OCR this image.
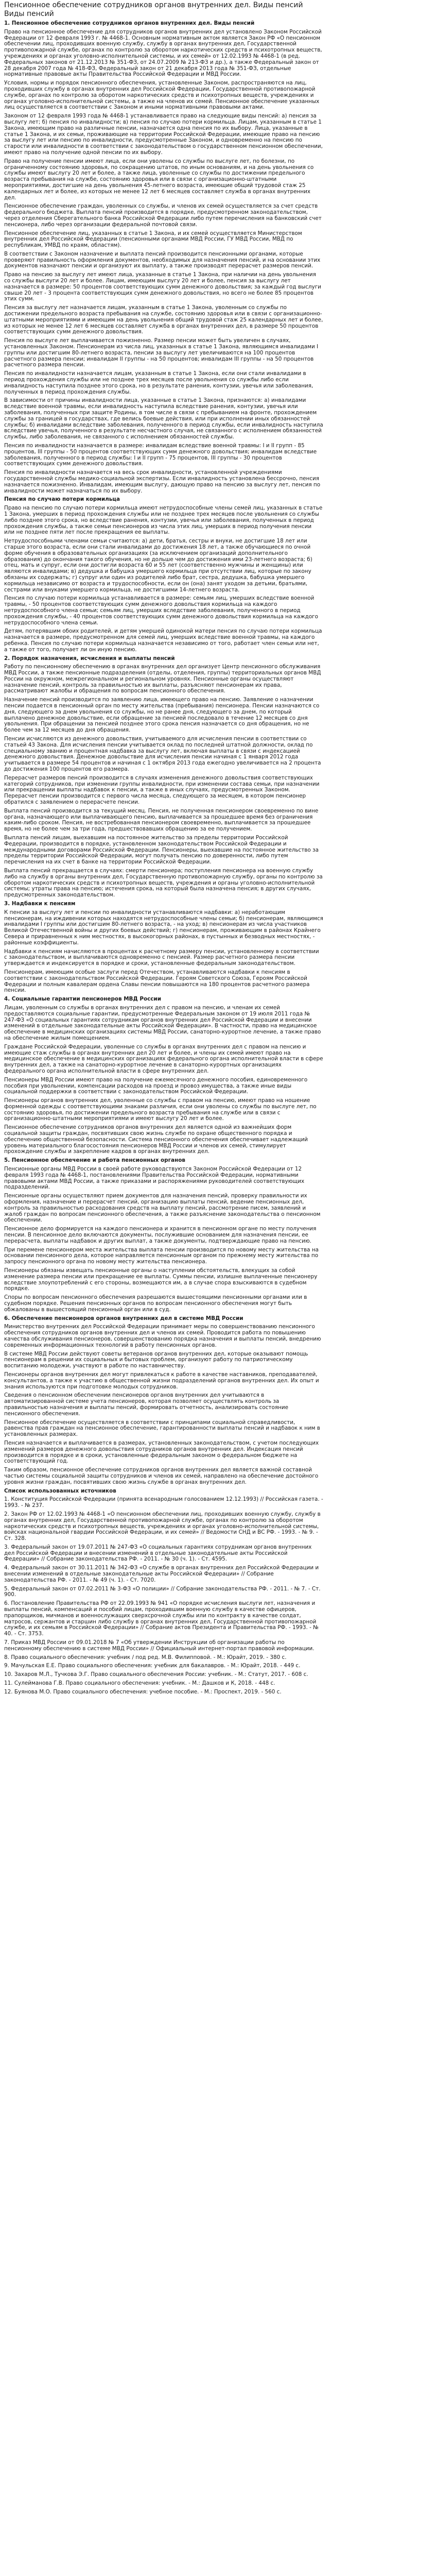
Пенсионное обеспечение сотрудников органов внутренних дел. Виды пенсий
Виды пенсий

1. Пенсионное обеспечение сотрудников органов внутренних дел. Виды пенсий

Право на пенсионное обеспечение для сотрудников органов внутренних дел установлено Законом Российской Федерации от 12 февраля 1993 г. № 4468-1. Основным нормативным актом является Закон РФ «О пенсионном обеспечении лиц, проходивших военную службу, службу в органах внутренних дел, Государственной противопожарной службе, органах по контролю за оборотом наркотических средств и психотропных веществ, учреждениях и органах уголовно-исполнительной системы, и их семей» от 12.02.1993 № 4468-1 (в ред. Федеральных законов от 21.12.2013 № 351-ФЗ, от 24.07.2009 № 213-ФЗ и др.), а также Федеральный закон от 28 декабря 2007 года № 418-ФЗ, Федеральный закон от 21 декабря 2013 года № 351-ФЗ, отдельные нормативные правовые акты Правительства Российской Федерации и МВД России.

Условия, нормы и порядок пенсионного обеспечения, установленные Законом, распространяются на лиц, проходивших службу в органах внутренних дел Российской Федерации, Государственной противопожарной службе, органах по контролю за оборотом наркотических средств и психотропных веществ, учреждениях и органах уголовно-исполнительной системы, а также на членов их семей. Пенсионное обеспечение указанных лиц осуществляется в соответствии с Законом и иными нормативными правовыми актами.

Законом от 12 февраля 1993 года № 4468-1 устанавливается право на следующие виды пенсий: а) пенсия за выслугу лет; б) пенсия по инвалидности; в) пенсия по случаю потери кормильца. Лицам, указанным в статье 1 Закона, имеющим право на различные пенсии, назначается одна пенсия по их выбору. Лица, указанные в статье 1 Закона, и их семьи, проживающие на территории Российской Федерации, имеющие право на пенсию за выслугу лет или пенсию по инвалидности, предусмотренные Законом, и одновременно на пенсию по старости или инвалидности в соответствии с законодательством о государственном пенсионном обеспечении, имеют право на получение одной пенсии по их выбору.

Право на получение пенсии имеют лица, если они уволены со службы по выслуге лет, по болезни, по ограниченному состоянию здоровья, по сокращению штатов, по иным основаниям, и на день увольнения со службы имеют выслугу 20 лет и более, а также лица, уволенные со службы по достижении предельного возраста пребывания на службе, состоянию здоровья или в связи с организационно-штатными мероприятиями, достигшие на день увольнения 45-летнего возраста, имеющие общий трудовой стаж 25 календарных лет и более, из которых не менее 12 лет 6 месяцев составляет служба в органах внутренних дел.

Пенсионное обеспечение граждан, уволенных со службы, и членов их семей осуществляется за счет средств федерального бюджета. Выплата пенсий производится в порядке, предусмотренном законодательством, через отделения Сберегательного банка Российской Федерации либо путем перечисления на банковский счет пенсионера, либо через организации федеральной почтовой связи.

Пенсионное обеспечение лиц, указанных в статье 1 Закона, и их семей осуществляется Министерством внутренних дел Российской Федерации (пенсионными органами МВД России, ГУ МВД России, МВД по республикам, УМВД по краям, областям).

В соответствии с Законом назначение и выплата пенсий производится пенсионными органами, которые проверяют правильность оформления документов, необходимых для назначения пенсий, и на основании этих документов назначают пенсии и организуют их выплату, а также производят перерасчет размеров пенсий.

Право на пенсию за выслугу лет имеют лица, указанные в статье 1 Закона, при наличии на день увольнения со службы выслуги 20 лет и более. Лицам, имеющим выслугу 20 лет и более, пенсия за выслугу лет назначается в размере: 50 процентов соответствующих сумм денежного довольствия; за каждый год выслуги свыше 20 лет - 3 процента соответствующих сумм денежного довольствия, но всего не более 85 процентов этих сумм.

Пенсия за выслугу лет назначается лицам, указанным в статье 1 Закона, уволенным со службы по достижении предельного возраста пребывания на службе, состоянию здоровья или в связи с организационно-штатными мероприятиями и имеющим на день увольнения общий трудовой стаж 25 календарных лет и более, из которых не менее 12 лет 6 месяцев составляет служба в органах внутренних дел, в размере 50 процентов соответствующих сумм денежного довольствия.

Пенсия по выслуге лет выплачивается пожизненно. Размер пенсии может быть увеличен в случаях, установленных Законом. Пенсионерам из числа лиц, указанных в статье 1 Закона, являющимся инвалидами I группы или достигшим 80-летнего возраста, пенсии за выслугу лет увеличиваются на 100 процентов расчетного размера пенсии; инвалидам II группы - на 50 процентов; инвалидам III группы - на 50 процентов расчетного размера пенсии.

Пенсия по инвалидности назначается лицам, указанным в статье 1 Закона, если они стали инвалидами в период прохождения службы или не позднее трех месяцев после увольнения со службы либо если инвалидность наступила позднее этого срока, но в результате ранения, контузии, увечья или заболевания, полученных в период прохождения службы.

В зависимости от причины инвалидности лица, указанные в статье 1 Закона, признаются: а) инвалидами вследствие военной травмы, если инвалидность наступила вследствие ранения, контузии, увечья или заболевания, полученных при защите Родины, в том числе в связи с пребыванием на фронте, прохождением службы за границей в государствах, где велись боевые действия, или при исполнении иных обязанностей службы; б) инвалидами вследствие заболевания, полученного в период службы, если инвалидность наступила вследствие увечья, полученного в результате несчастного случая, не связанного с исполнением обязанностей службы, либо заболевания, не связанного с исполнением обязанностей службы.

Пенсия по инвалидности назначается в размере: инвалидам вследствие военной травмы: I и II групп - 85 процентов, III группы - 50 процентов соответствующих сумм денежного довольствия; инвалидам вследствие заболевания, полученного в период службы: I и II групп - 75 процентов, III группы - 30 процентов соответствующих сумм денежного довольствия.

Пенсия по инвалидности назначается на весь срок инвалидности, установленной учреждениями государственной службы медико-социальной экспертизы. Если инвалидность установлена бессрочно, пенсия назначается пожизненно. Инвалидам, имеющим выслугу, дающую право на пенсию за выслугу лет, пенсия по инвалидности может назначаться по их выбору.

Пенсия по случаю потери кормильца

Право на пенсию по случаю потери кормильца имеют нетрудоспособные члены семей лиц, указанных в статье 1 Закона, умерших в период прохождения службы или не позднее трех месяцев после увольнения со службы либо позднее этого срока, но вследствие ранения, контузии, увечья или заболевания, полученных в период прохождения службы, а также семьи пенсионеров из числа этих лиц, умерших в период получения пенсии или не позднее пяти лет после прекращения ее выплаты.

Нетрудоспособными членами семьи считаются: а) дети, братья, сестры и внуки, не достигшие 18 лет или старше этого возраста, если они стали инвалидами до достижения 18 лет, а также обучающиеся по очной форме обучения в образовательных организациях (за исключением организаций дополнительного образования) до окончания такого обучения, но не дольше чем до достижения ими 23-летнего возраста; б) отец, мать и супруг, если они достигли возраста 60 и 55 лет (соответственно мужчины и женщины) или являются инвалидами; в) дедушка и бабушка умершего кормильца при отсутствии лиц, которые по закону обязаны их содержать; г) супруг или один из родителей либо брат, сестра, дедушка, бабушка умершего кормильца независимо от возраста и трудоспособности, если он (она) занят уходом за детьми, братьями, сестрами или внуками умершего кормильца, не достигшими 14-летнего возраста.

Пенсия по случаю потери кормильца устанавливается в размере: семьям лиц, умерших вследствие военной травмы, - 50 процентов соответствующих сумм денежного довольствия кормильца на каждого нетрудоспособного члена семьи; семьям лиц, умерших вследствие заболевания, полученного в период прохождения службы, - 40 процентов соответствующих сумм денежного довольствия кормильца на каждого нетрудоспособного члена семьи.

Детям, потерявшим обоих родителей, и детям умершей одинокой матери пенсия по случаю потери кормильца назначается в размере, предусмотренном для семей лиц, умерших вследствие военной травмы, на каждого ребенка. Пенсия по случаю потери кормильца назначается независимо от того, работает член семьи или нет, а также от того, получает ли он иную пенсию.

2. Порядок назначения, исчисления и выплаты пенсий

Работу по пенсионному обеспечению в органах внутренних дел организует Центр пенсионного обслуживания МВД России, а также пенсионные подразделения (отделы, отделения, группы) территориальных органов МВД России на окружном, межрегиональном и региональном уровнях. Пенсионные органы осуществляют назначение пенсий, контроль за правильностью их выплаты, разъясняют пенсионерам их права, рассматривают жалобы и обращения по вопросам пенсионного обеспечения.

Назначение пенсий производится по заявлению лица, имеющего право на пенсию. Заявление о назначении пенсии подается в пенсионный орган по месту жительства (пребывания) пенсионера. Пенсии назначаются со дня, следующего за днем увольнения со службы, но не ранее дня, следующего за днем, по который выплачено денежное довольствие, если обращение за пенсией последовало в течение 12 месяцев со дня увольнения. При обращении за пенсией позднее этого срока пенсия назначается со дня обращения, но не более чем за 12 месяцев до дня обращения.

Пенсии исчисляются из денежного довольствия, учитываемого для исчисления пенсии в соответствии со статьей 43 Закона. Для исчисления пенсии учитывается оклад по последней штатной должности, оклад по специальному званию и процентная надбавка за выслугу лет, включая выплаты в связи с индексацией денежного довольствия. Денежное довольствие для исчисления пенсии начиная с 1 января 2012 года учитывается в размере 54 процентов и начиная с 1 октября 2013 года ежегодно увеличивается на 2 процента до достижения 100 процентов его размера.

Перерасчет размеров пенсий производится в случаях изменения денежного довольствия соответствующих категорий сотрудников, при изменении группы инвалидности, при изменении состава семьи, при назначении или прекращении выплаты надбавок к пенсии, а также в иных случаях, предусмотренных Законом. Перерасчет пенсии производится с первого числа месяца, следующего за месяцем, в котором пенсионер обратился с заявлением о перерасчете пенсии.

Выплата пенсий производится за текущий месяц. Пенсия, не полученная пенсионером своевременно по вине органа, назначающего или выплачивающего пенсию, выплачивается за прошедшее время без ограничения каким-либо сроком. Пенсия, не востребованная пенсионером своевременно, выплачивается за прошедшее время, но не более чем за три года, предшествовавших обращению за ее получением.

Выплата пенсий лицам, выехавшим на постоянное жительство за пределы территории Российской Федерации, производится в порядке, установленном законодательством Российской Федерации и международными договорами Российской Федерации. Пенсионеры, выехавшие на постоянное жительство за пределы территории Российской Федерации, могут получать пенсию по доверенности, либо путем перечисления на их счет в банке на территории Российской Федерации.

Выплата пенсий прекращается в случаях: смерти пенсионера; поступления пенсионера на военную службу либо на службу в органы внутренних дел, Государственную противопожарную службу, органы по контролю за оборотом наркотических средств и психотропных веществ, учреждения и органы уголовно-исполнительной системы; утраты права на пенсию; истечения срока, на который была назначена пенсия; в других случаях, предусмотренных законодательством.

3. Надбавки к пенсиям

К пенсии за выслугу лет и пенсии по инвалидности устанавливаются надбавки: а) неработающим пенсионерам, на иждивении которых находятся нетрудоспособные члены семьи; б) пенсионерам, являющимся инвалидами I группы или достигшим 80-летнего возраста, - на уход; в) пенсионерам из числа участников Великой Отечественной войны и других боевых действий; г) пенсионерам, проживающим в районах Крайнего Севера и приравненных к ним местностях, в высокогорных районах, в пустынных и безводных местностях, - районные коэффициенты.

Надбавки к пенсиям начисляются в процентах к расчетному размеру пенсии, установленному в соответствии с законодательством, и выплачиваются одновременно с пенсией. Размер расчетного размера пенсии утверждается и индексируется в порядке и сроки, установленные федеральным законодательством.

Пенсионерам, имеющим особые заслуги перед Отечеством, устанавливаются надбавки к пенсиям в соответствии с законодательством Российской Федерации. Героям Советского Союза, Героям Российской Федерации и полным кавалерам ордена Славы пенсии повышаются на 180 процентов расчетного размера пенсии.

4. Социальные гарантии пенсионеров МВД России

Лицам, уволенным со службы в органах внутренних дел с правом на пенсию, и членам их семей предоставляются социальные гарантии, предусмотренные Федеральным законом от 19 июля 2011 года № 247-ФЗ «О социальных гарантиях сотрудникам органов внутренних дел Российской Федерации и внесении изменений в отдельные законодательные акты Российской Федерации». В частности, право на медицинское обеспечение в медицинских организациях системы МВД России, санаторно-курортное лечение, а также право на обеспечение жилым помещением.

Граждане Российской Федерации, уволенные со службы в органах внутренних дел с правом на пенсию и имеющие стаж службы в органах внутренних дел 20 лет и более, и члены их семей имеют право на медицинское обеспечение в медицинских организациях федерального органа исполнительной власти в сфере внутренних дел, а также на санаторно-курортное лечение в санаторно-курортных организациях федерального органа исполнительной власти в сфере внутренних дел.

Пенсионеры МВД России имеют право на получение ежемесячного денежного пособия, единовременного пособия при увольнении, компенсации расходов на проезд и провоз имущества, а также иные виды социальной поддержки в соответствии с законодательством Российской Федерации.

Пенсионеры органов внутренних дел, уволенные со службы с правом на пенсию, имеют право на ношение форменной одежды с соответствующими знаками различия, если они уволены со службы по выслуге лет, по состоянию здоровья, по достижении предельного возраста пребывания на службе или в связи с организационно-штатными мероприятиями и имеют выслугу 20 лет и более.

Пенсионное обеспечение сотрудников органов внутренних дел является одной из важнейших форм социальной защиты граждан, посвятивших свою жизнь службе по охране общественного порядка и обеспечению общественной безопасности. Система пенсионного обеспечения обеспечивает надлежащий уровень материального благосостояния пенсионеров МВД России и членов их семей, стимулирует прохождение службы и закрепление кадров в органах внутренних дел.

5. Пенсионное обеспечение и работа пенсионных органов

Пенсионные органы МВД России в своей работе руководствуются Законом Российской Федерации от 12 февраля 1993 года № 4468-1, постановлениями Правительства Российской Федерации, нормативными правовыми актами МВД России, а также приказами и распоряжениями руководителей соответствующих подразделений.

Пенсионные органы осуществляют прием документов для назначения пенсий, проверку правильности их оформления, назначение и перерасчет пенсий, организацию выплаты пенсий, ведение пенсионных дел, контроль за правильностью расходования средств на выплату пенсий, рассмотрение писем, заявлений и жалоб граждан по вопросам пенсионного обеспечения, а также разъяснение законодательства о пенсионном обеспечении.

Пенсионное дело формируется на каждого пенсионера и хранится в пенсионном органе по месту получения пенсии. В пенсионное дело включаются документы, послужившие основанием для назначения пенсии, ее перерасчета, выплаты надбавок и других выплат, а также документы, подтверждающие право на пенсию.

При перемене пенсионером места жительства выплата пенсии производится по новому месту жительства на основании пенсионного дела, которое направляется пенсионным органом по прежнему месту жительства по запросу пенсионного органа по новому месту жительства пенсионера.

Пенсионеры обязаны извещать пенсионные органы о наступлении обстоятельств, влекущих за собой изменение размера пенсии или прекращение ее выплаты. Суммы пенсии, излишне выплаченные пенсионеру вследствие злоупотреблений с его стороны, возмещаются им, а в случае спора взыскиваются в судебном порядке.

Споры по вопросам пенсионного обеспечения разрешаются вышестоящими пенсионными органами или в судебном порядке. Решения пенсионных органов по вопросам пенсионного обеспечения могут быть обжалованы в вышестоящий пенсионный орган или в суд.

6. Обеспечение пенсионеров органов внутренних дел в системе МВД России

Министерство внутренних дел Российской Федерации принимает меры по совершенствованию пенсионного обеспечения сотрудников органов внутренних дел и членов их семей. Проводится работа по повышению качества обслуживания пенсионеров, совершенствованию порядка назначения и выплаты пенсий, внедрению современных информационных технологий в работу пенсионных органов.

В системе МВД России действуют советы ветеранов органов внутренних дел, которые оказывают помощь пенсионерам в решении их социальных и бытовых проблем, организуют работу по патриотическому воспитанию молодежи, участвуют в работе по наставничеству.

Пенсионеры органов внутренних дел могут привлекаться к работе в качестве наставников, преподавателей, консультантов, а также к участию в общественной жизни подразделений органов внутренних дел. Их опыт и знания используются при подготовке молодых сотрудников.

Сведения о пенсионном обеспечении пенсионеров органов внутренних дел учитываются в автоматизированной системе учета пенсионеров, которая позволяет осуществлять контроль за правильностью назначения и выплаты пенсий, формировать отчетность, анализировать состояние пенсионного обеспечения.

Пенсионное обеспечение осуществляется в соответствии с принципами социальной справедливости, равенства прав граждан на пенсионное обеспечение, гарантированности выплаты пенсий и надбавок к ним в установленных размерах.

Пенсия назначается и выплачивается в размерах, установленных законодательством, с учетом последующих изменений размеров денежного довольствия сотрудников органов внутренних дел. Индексация пенсий производится в порядке и в сроки, установленные федеральным законом о федеральном бюджете на соответствующий год.

Таким образом, пенсионное обеспечение сотрудников органов внутренних дел является важной составной частью системы социальной защиты сотрудников и членов их семей, направлено на обеспечение достойного уровня жизни граждан, посвятивших свою жизнь службе в органах внутренних дел.

Список использованных источников

1. Конституция Российской Федерации (принята всенародным голосованием 12.12.1993) // Российская газета. - 1993. - № 237.

2. Закон РФ от 12.02.1993 № 4468-1 «О пенсионном обеспечении лиц, проходивших военную службу, службу в органах внутренних дел, Государственной противопожарной службе, органах по контролю за оборотом наркотических средств и психотропных веществ, учреждениях и органах уголовно-исполнительной системы, войсках национальной гвардии Российской Федерации, и их семей» // Ведомости СНД и ВС РФ. - 1993. - № 9. - Ст. 328.

3. Федеральный закон от 19.07.2011 № 247-ФЗ «О социальных гарантиях сотрудникам органов внутренних дел Российской Федерации и внесении изменений в отдельные законодательные акты Российской Федерации» // Собрание законодательства РФ. - 2011. - № 30 (ч. 1). - Ст. 4595.

4. Федеральный закон от 30.11.2011 № 342-ФЗ «О службе в органах внутренних дел Российской Федерации и внесении изменений в отдельные законодательные акты Российской Федерации» // Собрание законодательства РФ. - 2011. - № 49 (ч. 1). - Ст. 7020.

5. Федеральный закон от 07.02.2011 № 3-ФЗ «О полиции» // Собрание законодательства РФ. - 2011. - № 7. - Ст. 900.

6. Постановление Правительства РФ от 22.09.1993 № 941 «О порядке исчисления выслуги лет, назначения и выплаты пенсий, компенсаций и пособий лицам, проходившим военную службу в качестве офицеров, прапорщиков, мичманов и военнослужащих сверхсрочной службы или по контракту в качестве солдат, матросов, сержантов и старшин либо службу в органах внутренних дел, Государственной противопожарной службе, и их семьям в Российской Федерации» // Собрание актов Президента и Правительства РФ. - 1993. - № 40. - Ст. 3753.

7. Приказ МВД России от 09.01.2018 № 7 «Об утверждении Инструкции об организации работы по пенсионному обеспечению в системе МВД России» // Официальный интернет-портал правовой информации.

8. Право социального обеспечения: учебник / под ред. М.В. Филипповой. - М.: Юрайт, 2019. - 380 с.

9. Мачульская Е.Е. Право социального обеспечения: учебник для бакалавров. - М.: Юрайт, 2018. - 449 с.

10. Захаров М.Л., Тучкова Э.Г. Право социального обеспечения России: учебник. - М.: Статут, 2017. - 608 с.

11. Сулейманова Г.В. Право социального обеспечения: учебник. - М.: Дашков и К, 2018. - 448 с.

12. Буянова М.О. Право социального обеспечения: учебное пособие. - М.: Проспект, 2019. - 560 с.
